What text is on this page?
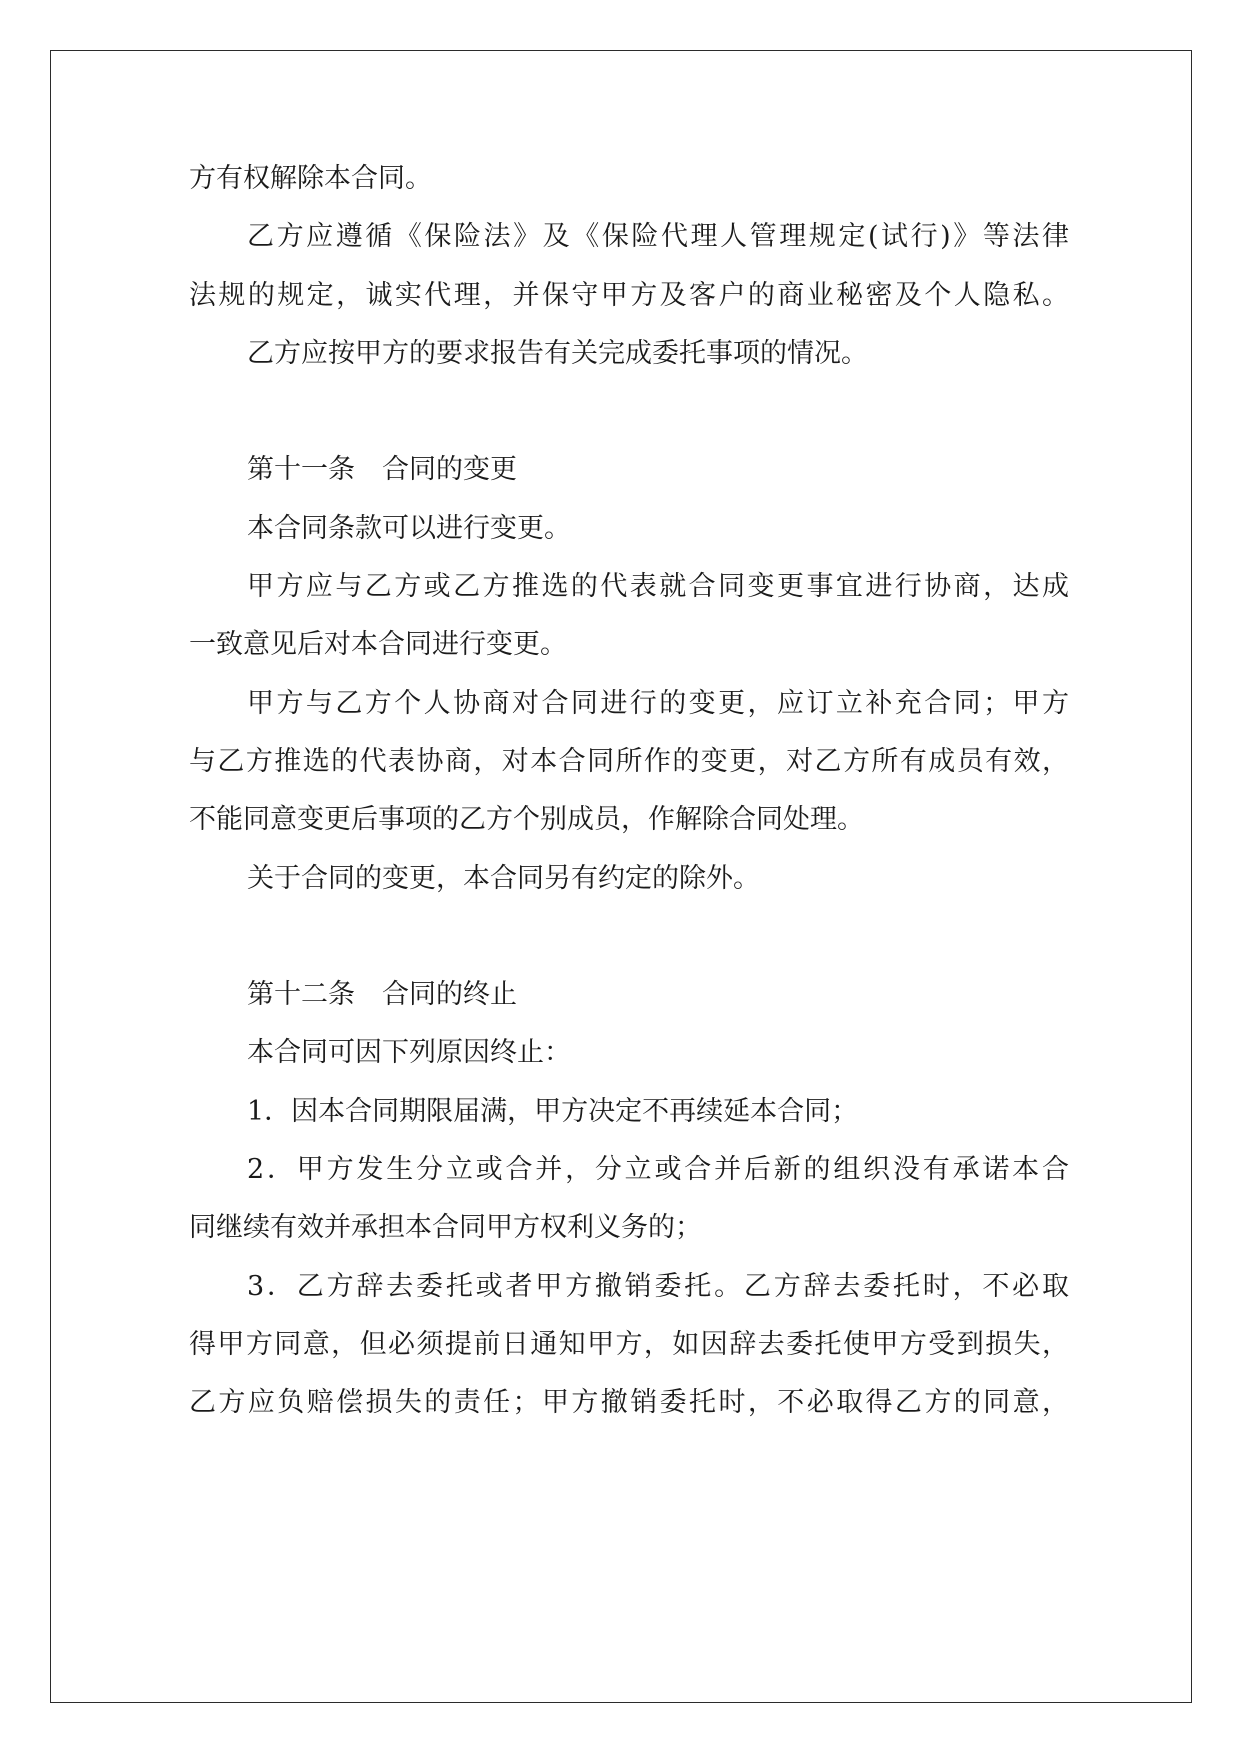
方有权解除本合同。
乙方应遵循《保险法》及《保险代理人管理规定(试行)》等法律
法规的规定，诚实代理，并保守甲方及客户的商业秘密及个人隐私。
乙方应按甲方的要求报告有关完成委托事项的情况。
第十一条　合同的变更
本合同条款可以进行变更。
甲方应与乙方或乙方推选的代表就合同变更事宜进行协商，达成
一致意见后对本合同进行变更。
甲方与乙方个人协商对合同进行的变更，应订立补充合同；甲方
与乙方推选的代表协商，对本合同所作的变更，对乙方所有成员有效，
不能同意变更后事项的乙方个别成员，作解除合同处理。
关于合同的变更，本合同另有约定的除外。
第十二条　合同的终止
本合同可因下列原因终止：
1．因本合同期限届满，甲方决定不再续延本合同；
2．甲方发生分立或合并，分立或合并后新的组织没有承诺本合
同继续有效并承担本合同甲方权利义务的；
3．乙方辞去委托或者甲方撤销委托。乙方辞去委托时，不必取
得甲方同意，但必须提前日通知甲方，如因辞去委托使甲方受到损失，
乙方应负赔偿损失的责任；甲方撤销委托时，不必取得乙方的同意，
